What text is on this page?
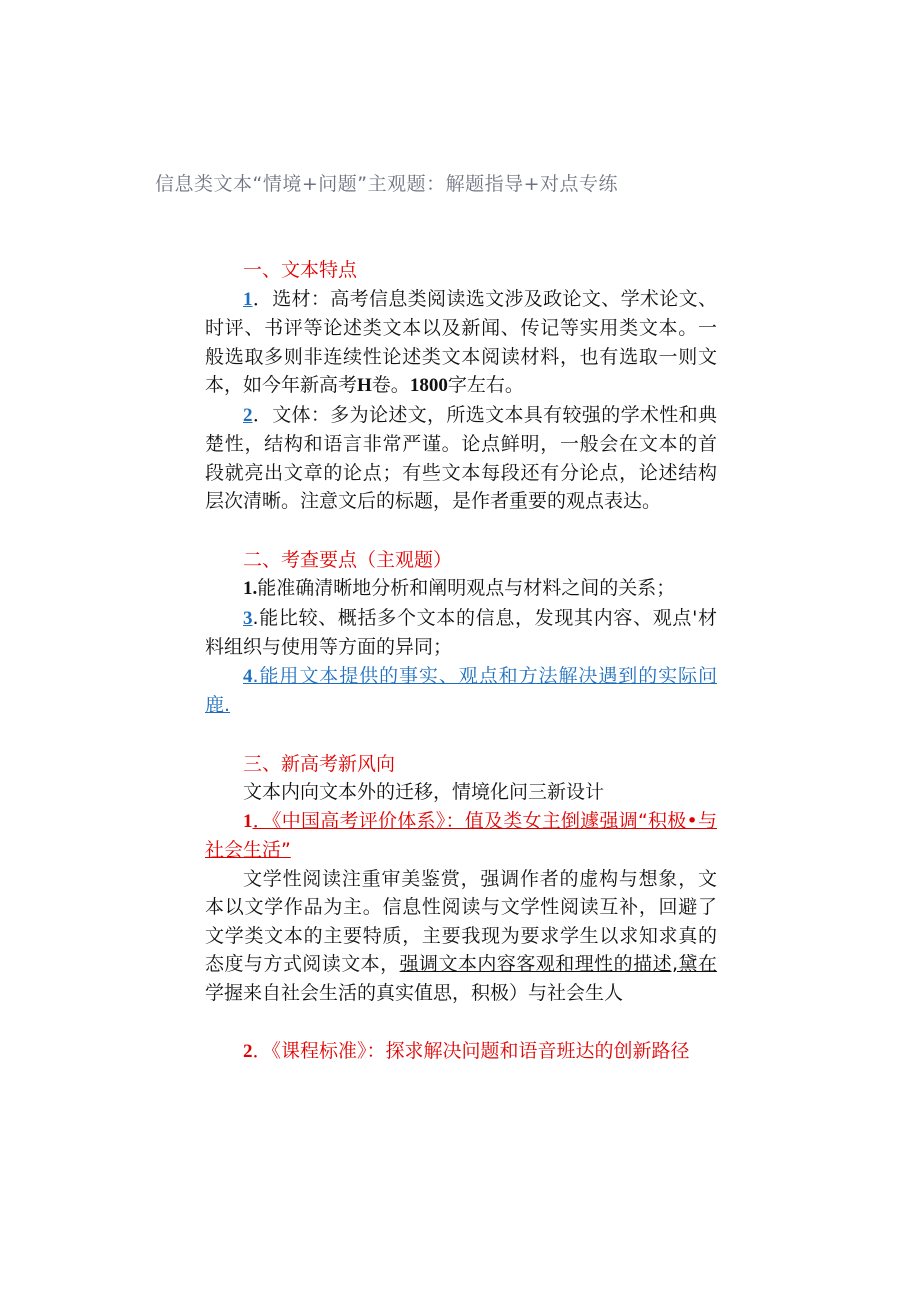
信息类文本“情境+问题”主观题：解题指导+对点专练
一、文本特点

1．选材：高考信息类阅读选文涉及政论文、学术论文、时评、书评等论述类文本以及新闻、传记等实用类文本。一般选取多则非连续性论述类文本阅读材料，也有选取一则文本，如今年新高考H卷。1800字左右。

2．文体：多为论述文，所选文本具有较强的学术性和典楚性，结构和语言非常严谨。论点鲜明，一般会在文本的首段就亮出文章的论点；有些文本每段还有分论点，论述结构层次清晰。注意文后的标题，是作者重要的观点表达。

二、考查要点（主观题）

1.能准确清晰地分析和阐明观点与材料之间的关系；

3.能比较、概括多个文本的信息，发现其内容、观点'材料组织与使用等方面的异同；

4.能用文本提供的事实、观点和方法解决遇到的实际问鹿.

三、新高考新风向

文本内向文本外的迁移，情境化问三新设计

1．《中国高考评价体系》：值及类女主倒遽强调“积极•与社会生活”

文学性阅读注重审美鉴赏，强调作者的虚构与想象，文本以文学作品为主。信息性阅读与文学性阅读互补，回避了文学类文本的主要特质，主要我现为要求学生以求知求真的态度与方式阅读文本，强调文本内容客观和理性的描述,黛在学握来自社会生活的真实值思，积极）与社会生人

2．《课程标准》：探求解决问题和语音班达的创新路径
